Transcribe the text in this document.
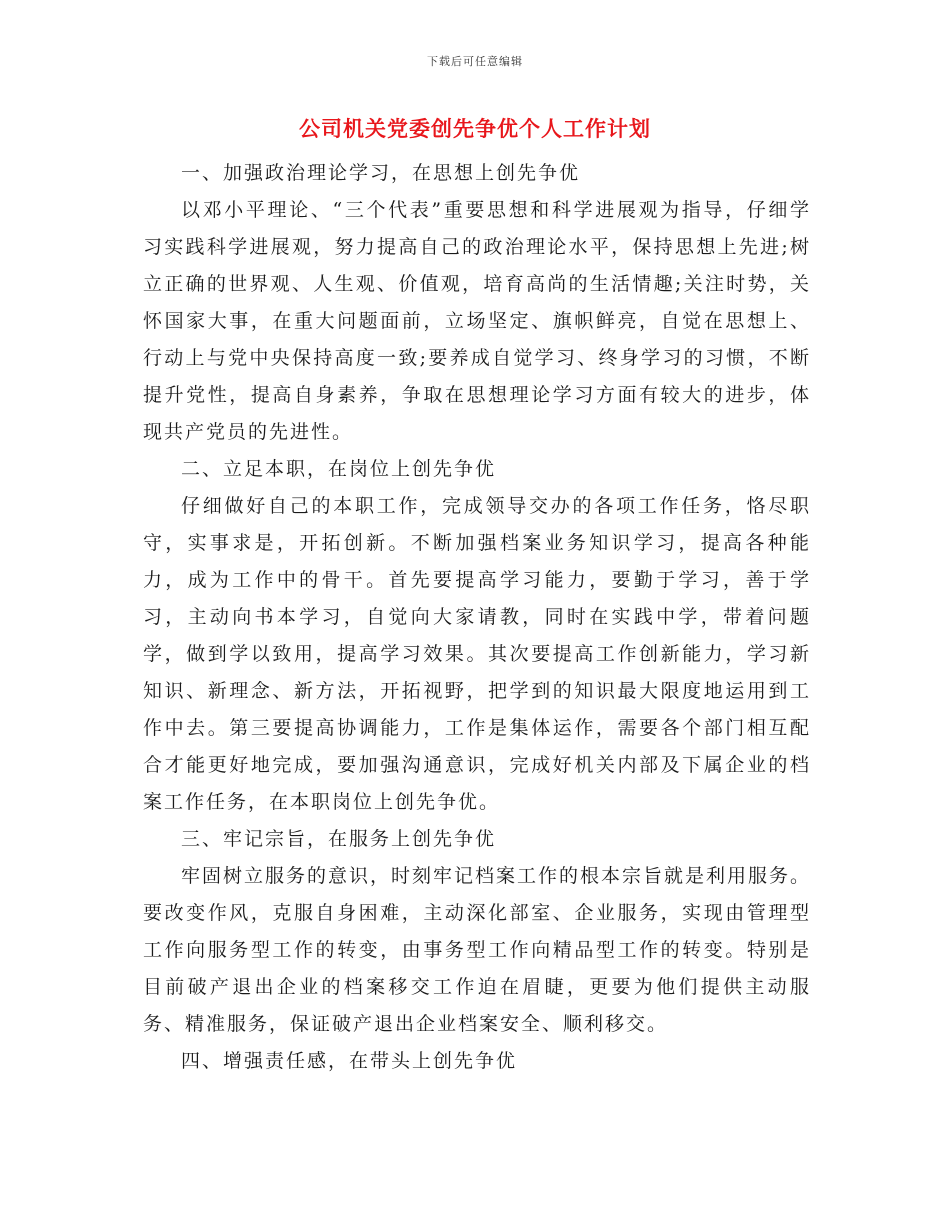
下载后可任意编辑
公司机关党委创先争优个人工作计划

一、加强政治理论学习，在思想上创先争优

以邓小平理论、“三个代表”重要思想和科学进展观为指导，仔细学习实践科学进展观，努力提高自己的政治理论水平，保持思想上先进;树立正确的世界观、人生观、价值观，培育高尚的生活情趣;关注时势，关怀国家大事，在重大问题面前，立场坚定、旗帜鲜亮，自觉在思想上、行动上与党中央保持高度一致;要养成自觉学习、终身学习的习惯，不断提升党性，提高自身素养，争取在思想理论学习方面有较大的进步，体现共产党员的先进性。

二、立足本职，在岗位上创先争优

仔细做好自己的本职工作，完成领导交办的各项工作任务，恪尽职守，实事求是，开拓创新。不断加强档案业务知识学习，提高各种能力，成为工作中的骨干。首先要提高学习能力，要勤于学习，善于学习，主动向书本学习，自觉向大家请教，同时在实践中学，带着问题学，做到学以致用，提高学习效果。其次要提高工作创新能力，学习新知识、新理念、新方法，开拓视野，把学到的知识最大限度地运用到工作中去。第三要提高协调能力，工作是集体运作，需要各个部门相互配合才能更好地完成，要加强沟通意识，完成好机关内部及下属企业的档案工作任务，在本职岗位上创先争优。

三、牢记宗旨，在服务上创先争优

牢固树立服务的意识，时刻牢记档案工作的根本宗旨就是利用服务。要改变作风，克服自身困难，主动深化部室、企业服务，实现由管理型工作向服务型工作的转变，由事务型工作向精品型工作的转变。特别是目前破产退出企业的档案移交工作迫在眉睫，更要为他们提供主动服务、精准服务，保证破产退出企业档案安全、顺利移交。

四、增强责任感，在带头上创先争优
